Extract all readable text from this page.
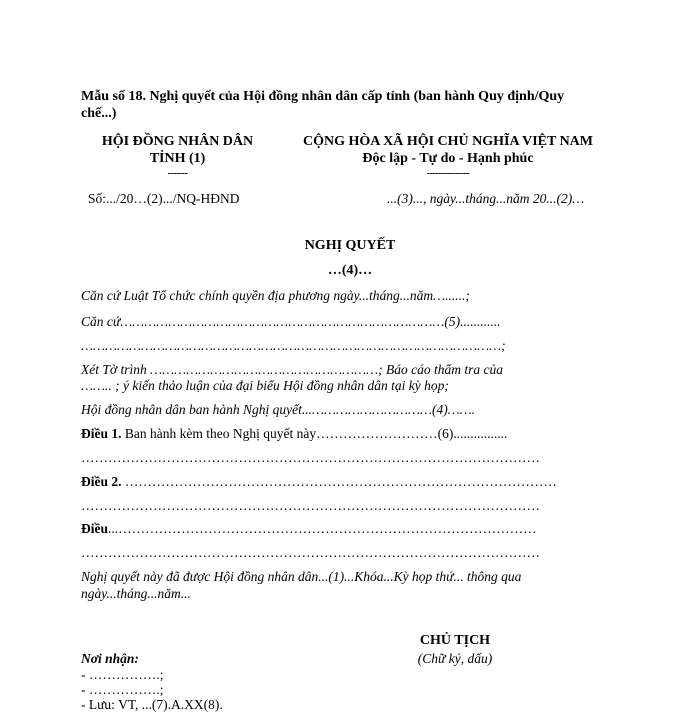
Mẫu số 18. Nghị quyết của Hội đồng nhân dân cấp tỉnh (ban hành Quy định/Quy
chế...)
HỘI ĐỒNG NHÂN DÂN
TỈNH (1)
-------
CỘNG HÒA XÃ HỘI CHỦ NGHĨA VIỆT NAM
Độc lập - Tự do - Hạnh phúc
---------------
Số:.../20…(2).../NQ-HĐND	...(3)..., ngày...tháng...năm 20...(2)…
NGHỊ QUYẾT
…(4)…
Căn cứ Luật Tổ chức chính quyền địa phương ngày...tháng...năm…......;
Căn cứ………………………………………………………………………(5)............
……………………………………………………………………………………………;
Xét Tờ trình …………………………………………………; Báo cáo thẩm tra của
…….. ; ý kiến thảo luận của đại biểu Hội đồng nhân dân tại kỳ họp;
Hội đồng nhân dân ban hành Nghị quyết...…………………………(4)…….
Điều 1. Ban hành kèm theo Nghị quyết này………………………(6)................
…………………………………………………………………………………………
Điều 2. ……………………………………………………………………………………
…………………………………………………………………………………………
Điều...…………………………………………………………………………………
…………………………………………………………………………………………
Nghị quyết này đã được Hội đồng nhân dân...(1)...Khóa...Kỳ họp thứ... thông qua
ngày...tháng...năm...
CHỦ TỊCH
(Chữ ký, dấu)
Nơi nhận:
- …………….;
- …………….;
- Lưu: VT, ...(7).A.XX(8).
